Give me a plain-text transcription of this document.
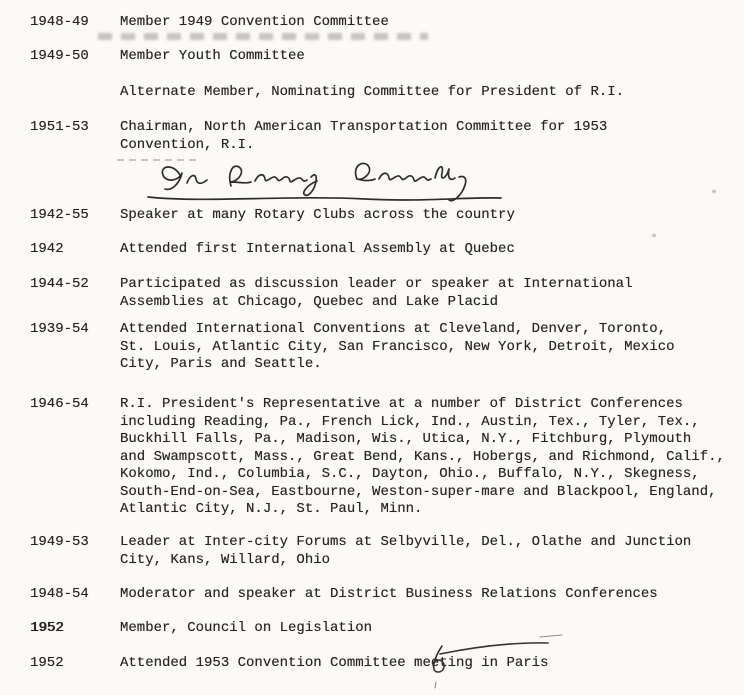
1948-49	Member 1949 Convention Committee
1949-50	Member Youth Committee
Alternate Member, Nominating Committee for President of R.I.
1951-53	Chairman, North American Transportation Committee for 1953
Convention, R.I.
1942-55	Speaker at many Rotary Clubs across the country
1942	Attended first International Assembly at Quebec
1944-52	Participated as discussion leader or speaker at International
Assemblies at Chicago, Quebec and Lake Placid
1939-54	Attended International Conventions at Cleveland, Denver, Toronto,
St. Louis, Atlantic City, San Francisco, New York, Detroit, Mexico
City, Paris and Seattle.
1946-54	R.I. President's Representative at a number of District Conferences
including Reading, Pa., French Lick, Ind., Austin, Tex., Tyler, Tex.,
Buckhill Falls, Pa., Madison, Wis., Utica, N.Y., Fitchburg, Plymouth
and Swampscott, Mass., Great Bend, Kans., Hobergs, and Richmond, Calif.,
Kokomo, Ind., Columbia, S.C., Dayton, Ohio., Buffalo, N.Y., Skegness,
South-End-on-Sea, Eastbourne, Weston-super-mare and Blackpool, England,
Atlantic City, N.J., St. Paul, Minn.
1949-53	Leader at Inter-city Forums at Selbyville, Del., Olathe and Junction
City, Kans, Willard, Ohio
1948-54	Moderator and speaker at District Business Relations Conferences
1952	Member, Council on Legislation
1952	Attended 1953 Convention Committee meeting in Paris
